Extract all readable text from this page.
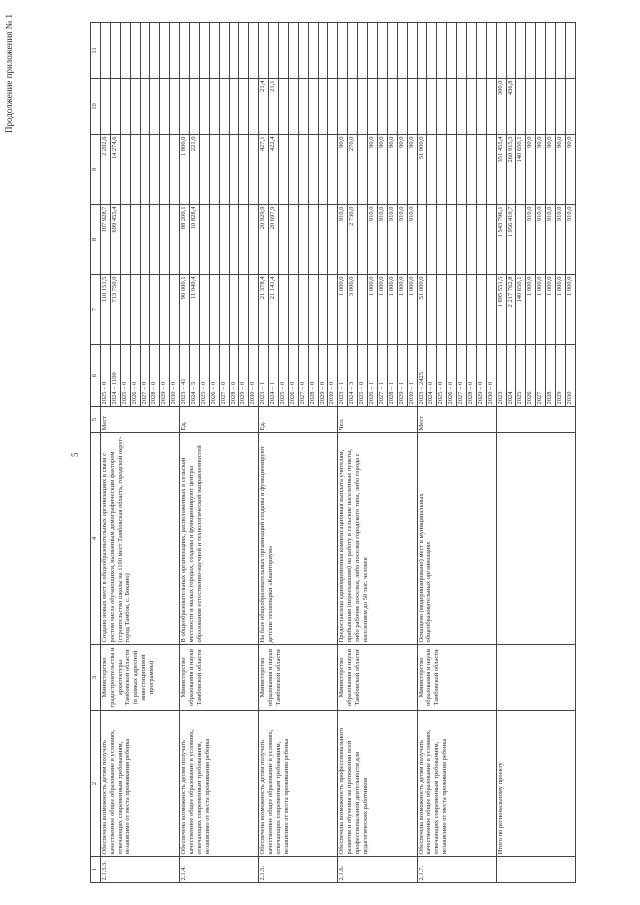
Продолжение приложения № 1
5
1	2	3	4	5	6	7	8	9	10	11
2.1.3.3.	Обеспечена возможность детям получать качественное общее образование в условиях, отвечающих современным требованиям, независимо от места проживания ребенка	Министерство градостроительства и архитектуры Тамбовской области (в рамках адресной инвестиционной программы)	Создано новых мест в общеобразовательных организациях в связи с ростом числа обучающихся, вызванным демографическим фактором (строительство школы на 1100 мест Тамбовская область, городской округ-город Тамбов, с. Бокино)	Мест	2025 – 0	110 151,5	107 928,7	2 202,6		
					2024 – 1100	713 750,0	699 455,4	14 274,6		
					2025 – 0					
					2026 – 0					
					2027 – 0					
					2028 – 0					
					2029 – 0					
					2030 – 0					
2.1.4.	Обеспечена возможность детям получать качественное общее образование в условиях, отвечающих современным требованиям, независимо от места проживания ребенка	Министерство образования и науки Тамбовской области	В общеобразовательных организациях, расположенных в сельской местности и малых городах, созданы и функционируют центры образования естественно-научной и технологической направленностей	Ед.	2023 – 41	90 000,1	88 200,1	1 800,0		
					2024 – 5	11 049,4	10 828,4	221,0		
					2025 – 0					
					2026 – 0					
					2027 – 0					
					2028 – 0					
					2029 – 0					
					2030 – 0					
2.1.5.	Обеспечена возможность детям получать качественное общее образование в условиях, отвечающих современным требованиям, независимо от места проживания ребенка	Министерство образования и науки Тамбовской области	На базе общеобразовательных организаций созданы и функционируют детские технопарки «Кванториум»	Ед.	2023 – 1	21 378,4	20 929,9	427,1	21,4	
					2024 – 1	21 141,4	20 697,9	422,4	21,1	
					2025 – 0					
					2026 – 0					
					2027 – 0					
					2028 – 0					
					2029 – 0					
					2030 – 0					
2.1.6.	Обеспечена возможность профессионального развития и обучения на протяжении всей профессиональной деятельности для педагогических работников	Министерство образования и науки Тамбовской области	Предоставлена единовременная компенсационная выплата учителям, прибывшим (переехавшим) на работу в сельские населенные пункты, либо рабочие поселки, либо поселки городского типа, либо города с населением до 50 тыс. человек	Чел.	2023 – 1	1 000,0	910,0	90,0		
					2024 – 3	3 000,0	2 730,0	270,0		
					2025 – 0					
					2026 – 1	1 000,0	910,0	90,0		
					2027 – 1	1 000,0	910,0	90,0		
					2028 – 1	1 000,0	910,0	90,0		
					2029 – 1	1 000,0	910,0	90,0		
					2030 – 1	1 000,0	910,0	90,0		
2.1.7.	Обеспечена возможность детям получать качественное общее образование в условиях, отвечающих современным требованиям, независимо от места проживания ребенка	Министерство образования и науки Тамбовской области	Оснащено (модернизировано) мест в муниципальных общеобразовательных организациях	Мест	2023 – 2425	51 000,0		51 000,0		
					2024 – 0					
					2025 – 0					
					2026 – 0					
					2027 – 0					
					2028 – 0					
					2029 – 0					
					2030 – 0					
	Итого по региональному проекту				2023	1 895 551,5	1 543 796,1	351 455,4	300,0	
					2024	2 217 762,8	1 956 410,7	260 915,3	436,8	
					2025	140 650,1		140 650,1		
					2026	1 000,0	910,0	90,0		
					2027	1 000,0	910,0	90,0		
					2028	1 000,0	910,0	90,0		
					2029	1 000,0	910,0	90,0		
					2030	1 000,0	910,0	90,0		
